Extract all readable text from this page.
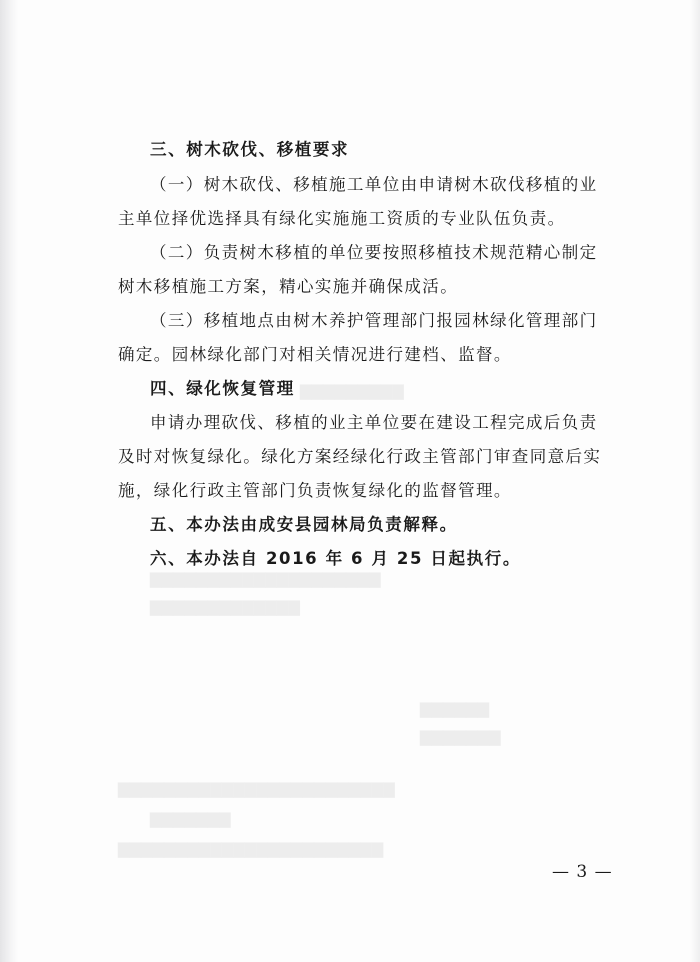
▇▇▇▇▇▇▇▇▇
▇▇▇▇▇▇▇▇▇▇▇▇▇▇▇▇▇▇▇▇
▇▇▇▇▇▇▇▇▇▇▇▇▇
▇▇▇▇▇▇
▇▇▇▇▇▇▇
▇▇▇▇▇▇▇▇▇▇▇▇▇▇▇▇▇▇▇▇▇▇▇▇
▇▇▇▇▇▇▇
▇▇▇▇▇▇▇▇▇▇▇▇▇▇▇▇▇▇▇▇▇▇▇
三、树木砍伐、移植要求
（一）树木砍伐、移植施工单位由申请树木砍伐移植的业
主单位择优选择具有绿化实施施工资质的专业队伍负责。
（二）负责树木移植的单位要按照移植技术规范精心制定
树木移植施工方案，精心实施并确保成活。
（三）移植地点由树木养护管理部门报园林绿化管理部门
确定。园林绿化部门对相关情况进行建档、监督。
四、绿化恢复管理
申请办理砍伐、移植的业主单位要在建设工程完成后负责
及时对恢复绿化。绿化方案经绿化行政主管部门审查同意后实
施，绿化行政主管部门负责恢复绿化的监督管理。
五、本办法由成安县园林局负责解释。
六、本办法自 2016 年 6 月 25 日起执行。
— 3 —
